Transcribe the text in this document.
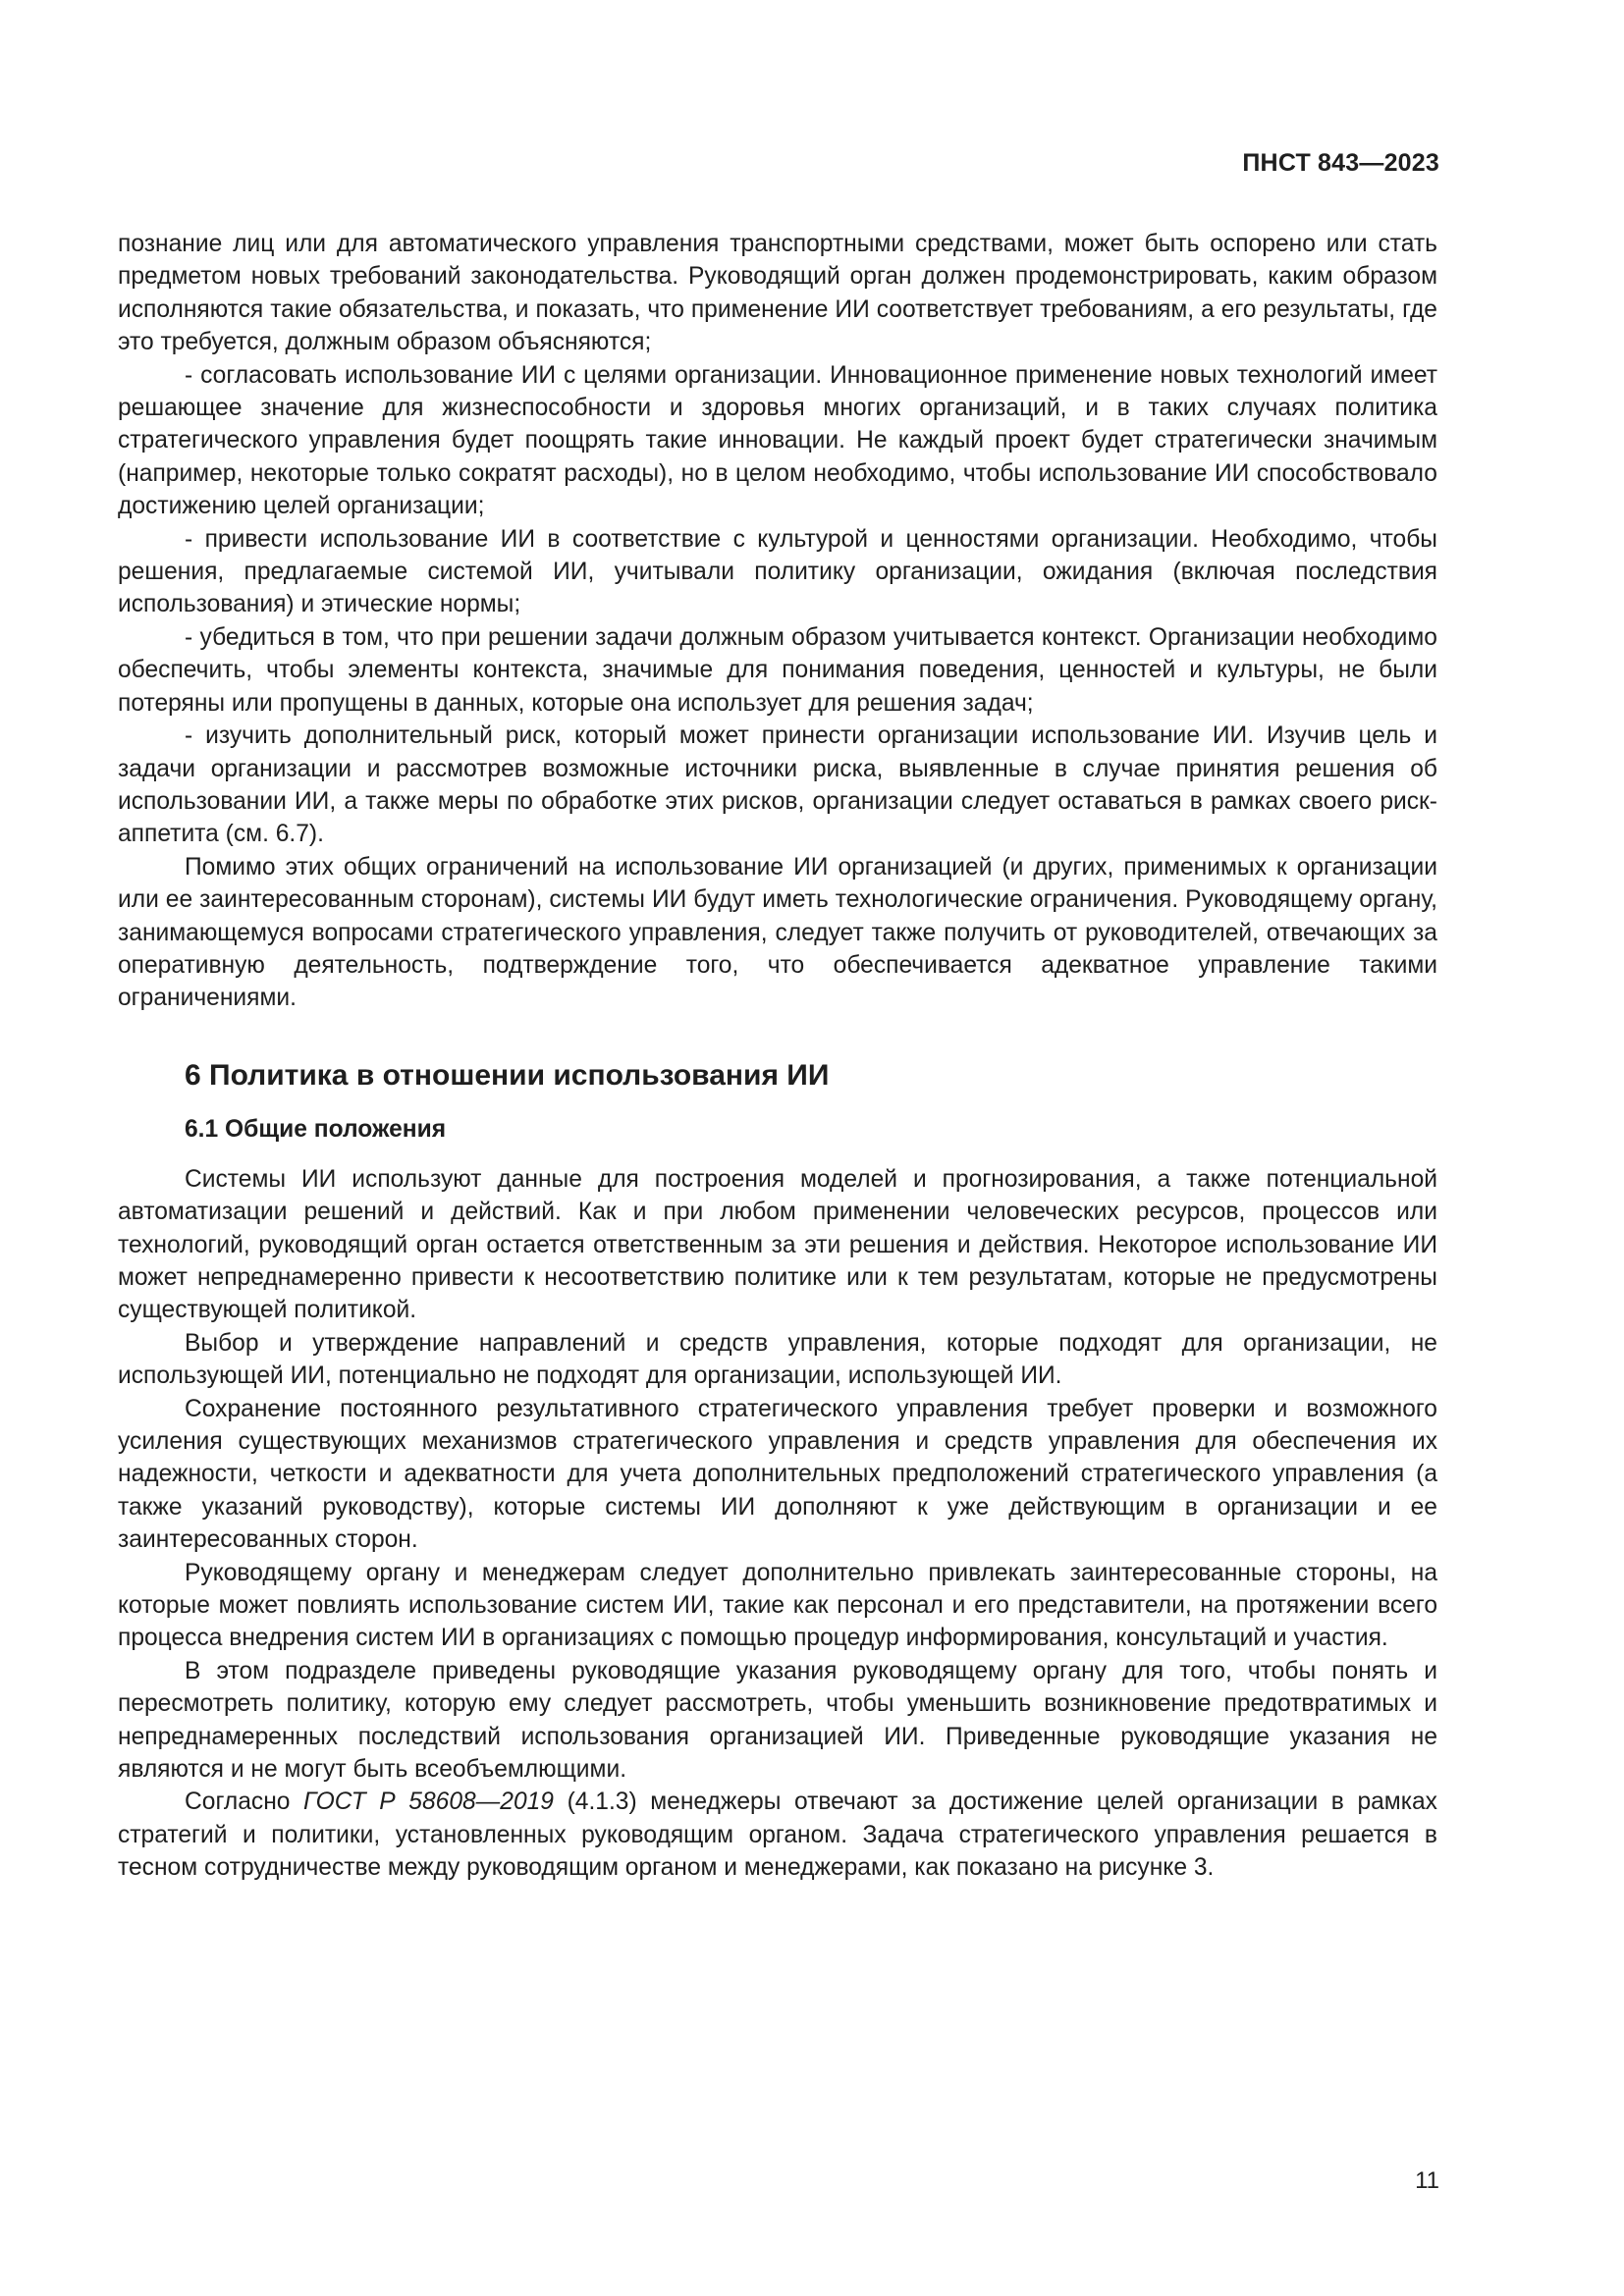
ПНСТ 843—2023

познание лиц или для автоматического управления транспортными средствами, может быть оспорено или стать предметом новых требований законодательства. Руководящий орган должен продемонстрировать, каким образом исполняются такие обязательства, и показать, что применение ИИ соответствует требованиям, а его результаты, где это требуется, должным образом объясняются;

- согласовать использование ИИ с целями организации. Инновационное применение новых технологий имеет решающее значение для жизнеспособности и здоровья многих организаций, и в таких случаях политика стратегического управления будет поощрять такие инновации. Не каждый проект будет стратегически значимым (например, некоторые только сократят расходы), но в целом необходимо, чтобы использование ИИ способствовало достижению целей организации;

- привести использование ИИ в соответствие с культурой и ценностями организации. Необходимо, чтобы решения, предлагаемые системой ИИ, учитывали политику организации, ожидания (включая последствия использования) и этические нормы;

- убедиться в том, что при решении задачи должным образом учитывается контекст. Организации необходимо обеспечить, чтобы элементы контекста, значимые для понимания поведения, ценностей и культуры, не были потеряны или пропущены в данных, которые она использует для решения задач;

- изучить дополнительный риск, который может принести организации использование ИИ. Изучив цель и задачи организации и рассмотрев возможные источники риска, выявленные в случае принятия решения об использовании ИИ, а также меры по обработке этих рисков, организации следует оставаться в рамках своего риск-аппетита (см. 6.7).

Помимо этих общих ограничений на использование ИИ организацией (и других, применимых к организации или ее заинтересованным сторонам), системы ИИ будут иметь технологические ограничения. Руководящему органу, занимающемуся вопросами стратегического управления, следует также получить от руководителей, отвечающих за оперативную деятельность, подтверждение того, что обеспечивается адекватное управление такими ограничениями.

6 Политика в отношении использования ИИ
6.1 Общие положения

Системы ИИ используют данные для построения моделей и прогнозирования, а также потенциальной автоматизации решений и действий. Как и при любом применении человеческих ресурсов, процессов или технологий, руководящий орган остается ответственным за эти решения и действия. Некоторое использование ИИ может непреднамеренно привести к несоответствию политике или к тем результатам, которые не предусмотрены существующей политикой.

Выбор и утверждение направлений и средств управления, которые подходят для организации, не использующей ИИ, потенциально не подходят для организации, использующей ИИ.

Сохранение постоянного результативного стратегического управления требует проверки и возможного усиления существующих механизмов стратегического управления и средств управления для обеспечения их надежности, четкости и адекватности для учета дополнительных предположений стратегического управления (а также указаний руководству), которые системы ИИ дополняют к уже действующим в организации и ее заинтересованных сторон.

Руководящему органу и менеджерам следует дополнительно привлекать заинтересованные стороны, на которые может повлиять использование систем ИИ, такие как персонал и его представители, на протяжении всего процесса внедрения систем ИИ в организациях с помощью процедур информирования, консультаций и участия.

В этом подразделе приведены руководящие указания руководящему органу для того, чтобы понять и пересмотреть политику, которую ему следует рассмотреть, чтобы уменьшить возникновение предотвратимых и непреднамеренных последствий использования организацией ИИ. Приведенные руководящие указания не являются и не могут быть всеобъемлющими.

Согласно ГОСТ Р 58608—2019 (4.1.3) менеджеры отвечают за достижение целей организации в рамках стратегий и политики, установленных руководящим органом. Задача стратегического управления решается в тесном сотрудничестве между руководящим органом и менеджерами, как показано на рисунке 3.

11
